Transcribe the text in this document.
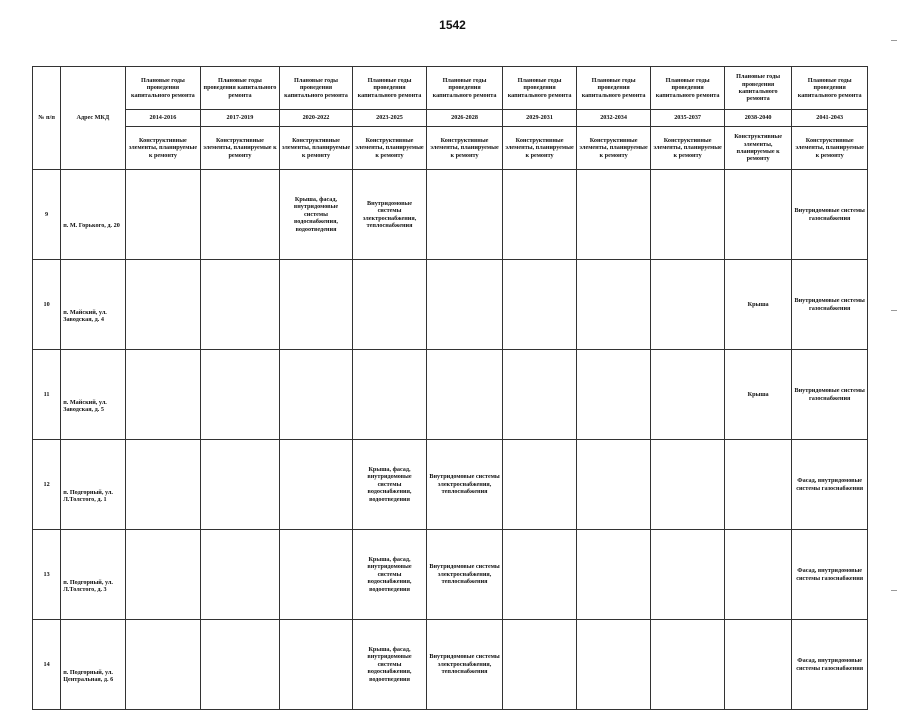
1542
№ п/п	Адрес МКД	Плановые годы проведения капитального ремонта	Плановые годы проведения капитального ремонта	Плановые годы проведения капитального ремонта	Плановые годы проведения капитального ремонта	Плановые годы проведения капитального ремонта	Плановые годы проведения капитального ремонта	Плановые годы проведения капитального ремонта	Плановые годы проведения капитального ремонта	Плановые годы проведения капитального ремонта	Плановые годы проведения капитального ремонта
		2014-2016	2017-2019	2020-2022	2023-2025	2026-2028	2029-2031	2032-2034	2035-2037	2038-2040	2041-2043
		Конструктивные элементы, планируемые к ремонту	Конструктивные элементы, планируемые к ремонту	Конструктивные элементы, планируемые к ремонту	Конструктивные элементы, планируемые к ремонту	Конструктивные элементы, планируемые к ремонту	Конструктивные элементы, планируемые к ремонту	Конструктивные элементы, планируемые к ремонту	Конструктивные элементы, планируемые к ремонту	Конструктивные элементы, планируемые к ремонту	Конструктивные элементы, планируемые к ремонту
9	п. М. Горького, д. 20			Крыша, фасад, внутридомовые системы водоснабжения, водоотведения	Внутридомовые системы электроснабжения, теплоснабжения						Внутридомовые системы газоснабжения
10	п. Майский, ул. Заводская, д. 4									Крыша	Внутридомовые системы газоснабжения
11	п. Майский, ул. Заводская, д. 5									Крыша	Внутридомовые системы газоснабжения
12	п. Подгорный, ул. Л.Толстого, д. 1				Крыша, фасад, внутридомовые системы водоснабжения, водоотведения	Внутридомовые системы электроснабжения, теплоснабжения					Фасад, внутридомовые системы газоснабжения
13	п. Подгорный, ул. Л.Толстого, д. 3				Крыша, фасад, внутридомовые системы водоснабжения, водоотведения	Внутридомовые системы электроснабжения, теплоснабжения					Фасад, внутридомовые системы газоснабжения
14	п. Подгорный, ул. Центральная, д. 6				Крыша, фасад, внутридомовые системы водоснабжения, водоотведения	Внутридомовые системы электроснабжения, теплоснабжения					Фасад, внутридомовые системы газоснабжения
